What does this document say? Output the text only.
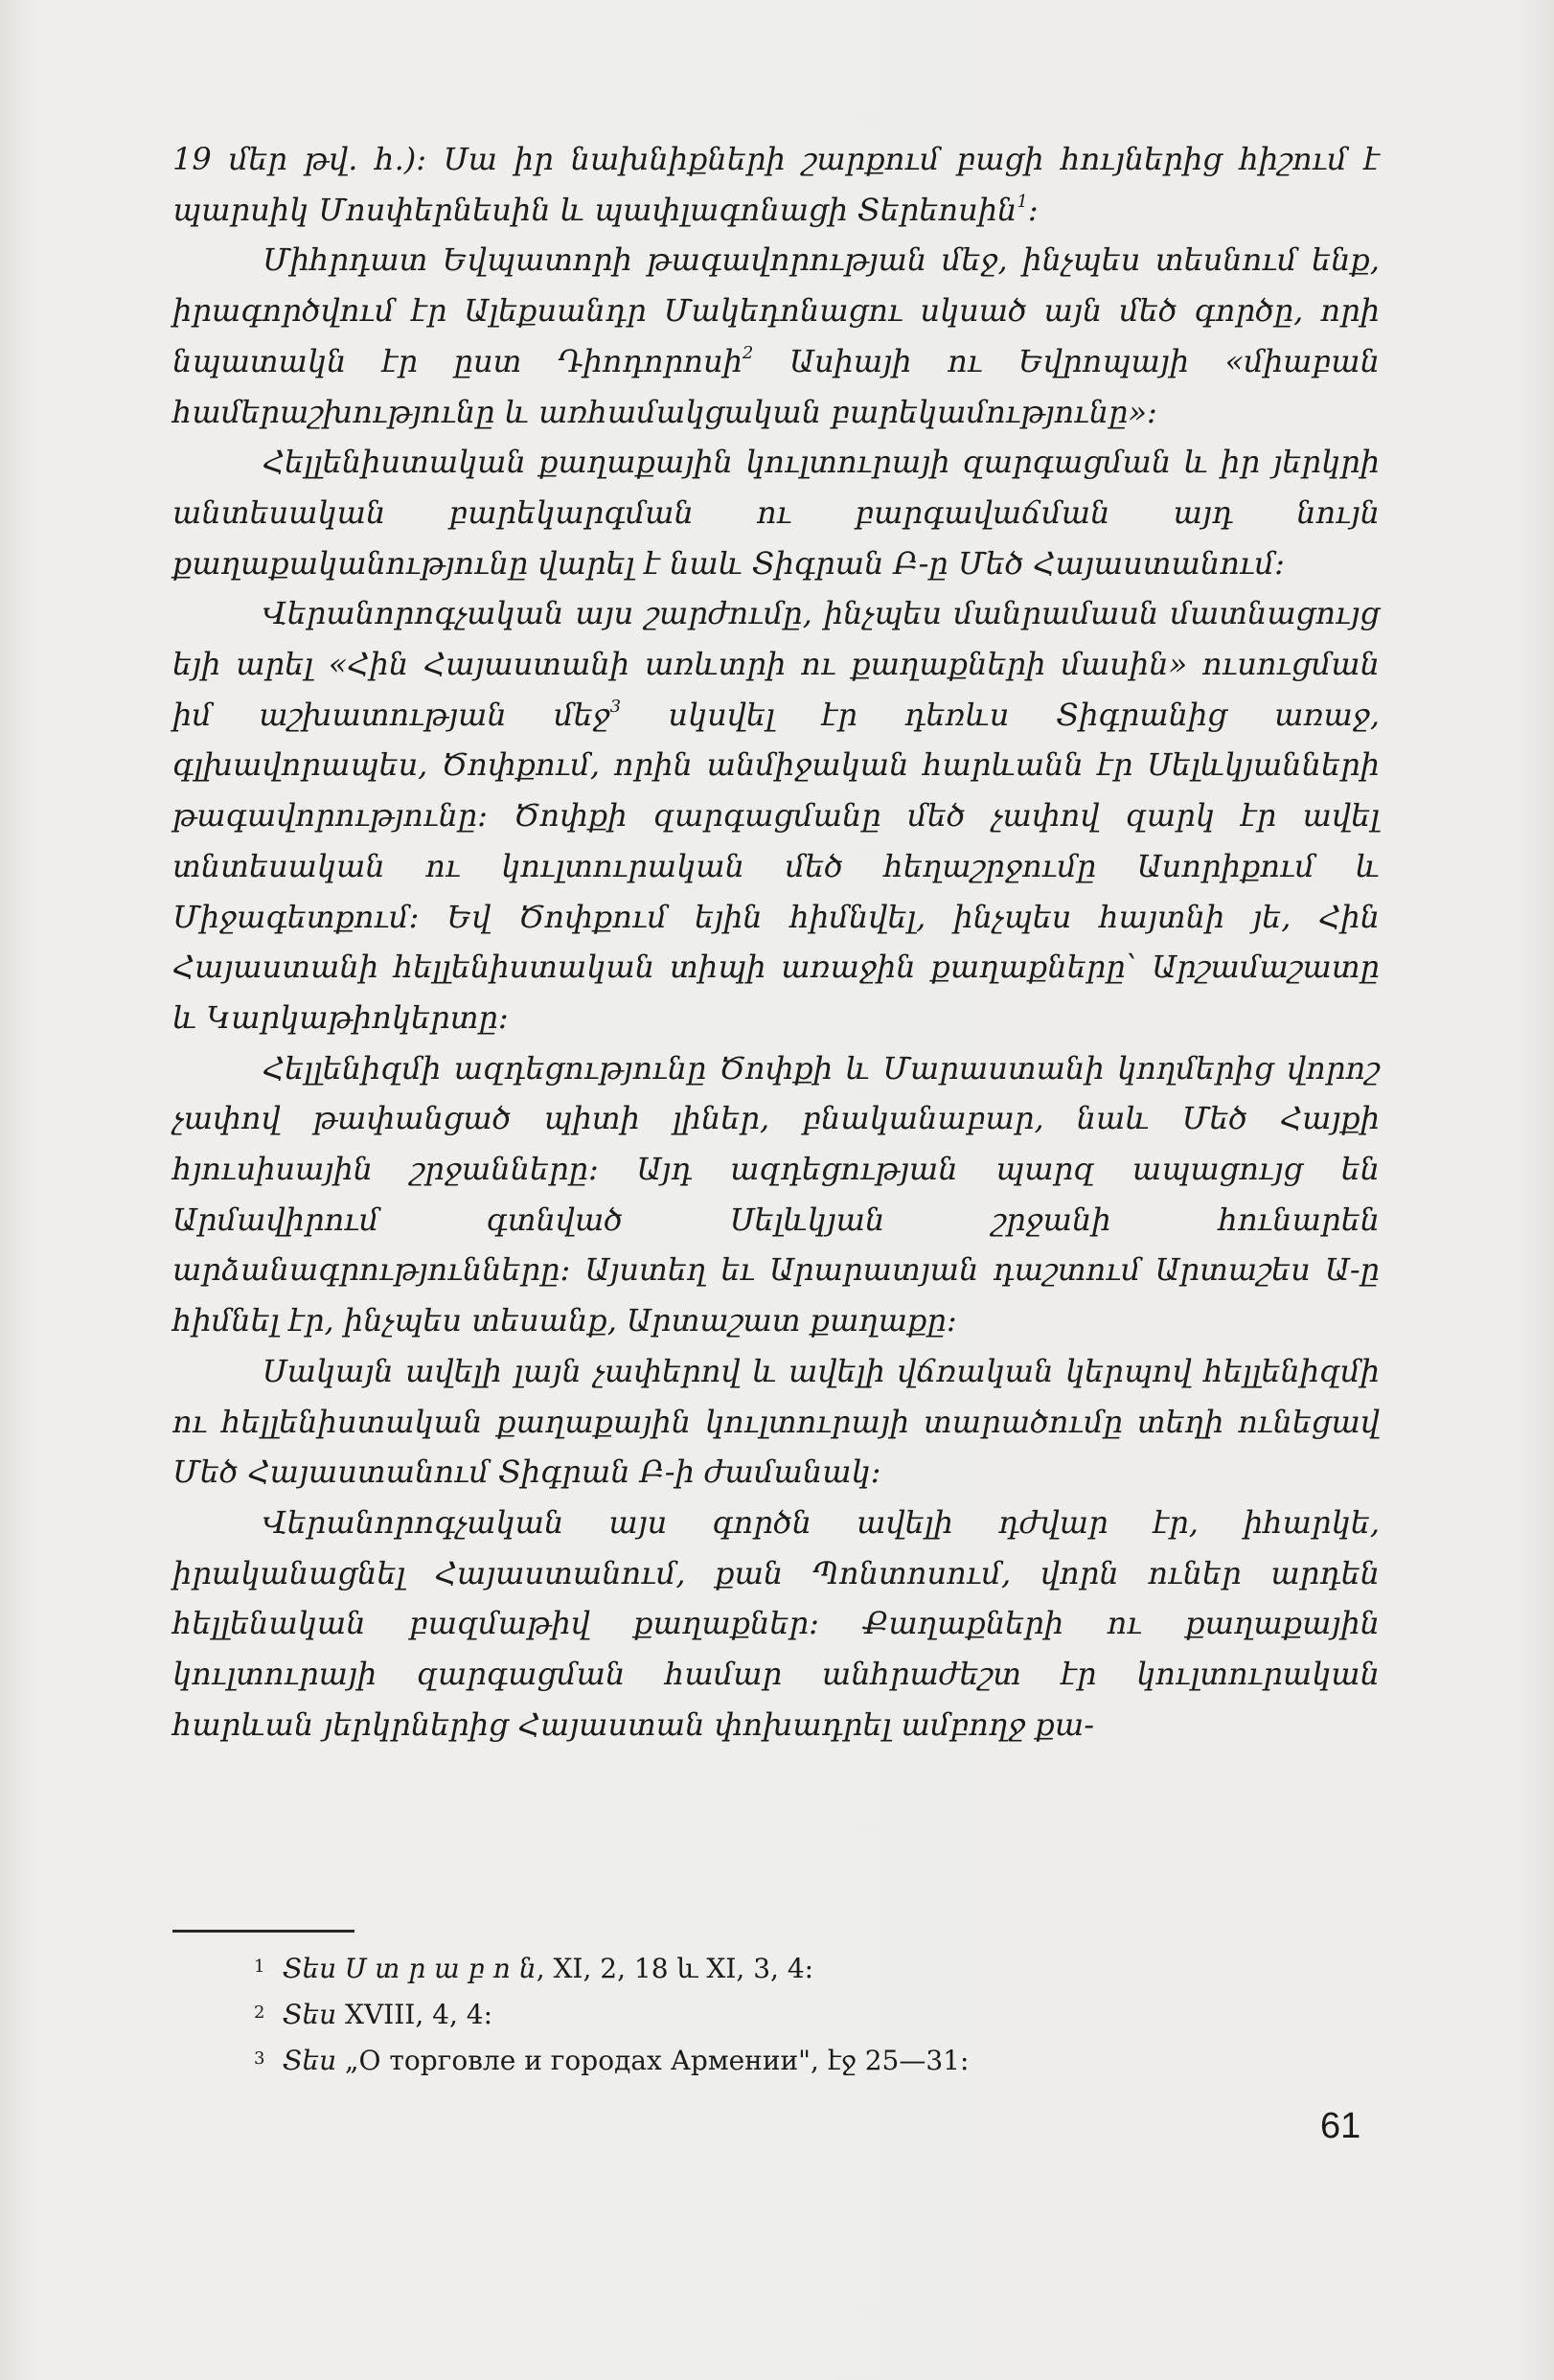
19 մեր թվ. հ.)։ Սա իր նախնիքների շարքում բացի հույներից հիշում է պարսիկ Մոսփերնեսին և պափլագոնացի Տերեոսին$^1$։

Միհրդատ Եվպատորի թագավորության մեջ, ինչպես տեսնում ենք, իրագործվում էր Ալեքսանդր Մակեդոնացու սկսած այն մեծ գործը, որի նպատակն էր ըստ Դիոդորոսի$^2$ Ասիայի ու Եվրոպայի «միաբան համերաշխությունը և առհամակցական բարեկամությունը»։

Հելլենիստական քաղաքային կուլտուրայի զարգացման և իր յերկրի անտեսական բարեկարգման ու բարգավաճման այդ նույն քաղաքականությունը վարել է նաև Տիգրան Բ-ը Մեծ Հայաստանում։

Վերանորոգչական այս շարժումը, ինչպես մանրամասն մատնացույց եյի արել «Հին Հայաստանի առևտրի ու քաղաքների մասին» ուսուցման իմ աշխատության մեջ$^3$ սկսվել էր դեռևս Տիգրանից առաջ, գլխավորապես, Ծոփքում, որին անմիջական հարևանն էր Սելևկյանների թագավորությունը։ Ծոփքի զարգացմանը մեծ չափով զարկ էր ավել տնտեսական ու կուլտուրական մեծ հեղաշրջումը Ասորիքում և Միջագետքում։ Եվ Ծոփքում եյին հիմնվել, ինչպես հայտնի յե, Հին Հայաստանի հելլենիստական տիպի առաջին քաղաքները՝ Արշամաշատը և Կարկաթիոկերտը։

Հելլենիզմի ազդեցությունը Ծոփքի և Մարաստանի կողմերից վորոշ չափով թափանցած պիտի լիներ, բնականաբար, նաև Մեծ Հայքի հյուսիսային շրջանները։ Այդ ազդեցության պարզ ապացույց են Արմավիրում գտնված Սելևկյան շրջանի հունարեն արձանագրությունները։ Այստեղ եւ Արարատյան դաշտում Արտաշես Ա-ը հիմնել էր, ինչպես տեսանք, Արտաշատ քաղաքը։

Սակայն ավելի լայն չափերով և ավելի վճռական կերպով հելլենիզմի ու հելլենիստական քաղաքային կուլտուրայի տարածումը տեղի ունեցավ Մեծ Հայաստանում Տիգրան Բ-ի ժամանակ։

Վերանորոգչական այս գործն ավելի դժվար էր, իհարկե, իրականացնել Հայաստանում, քան Պոնտոսում, վորն ուներ արդեն հելլենական բազմաթիվ քաղաքներ։ Քաղաքների ու քաղաքային կուլտուրայի զարգացման համար անհրաժեշտ էր կուլտուրական հարևան յերկրներից Հայաստան փոխադրել ամբողջ քա-

1 Տես Ս տ ր ա բ ո ն, XI, 2, 18 և XI, 3, 4։
2 Տես XVIII, 4, 4։
3 Տես „О торговле и городах Армении", էջ 25—31։
61
